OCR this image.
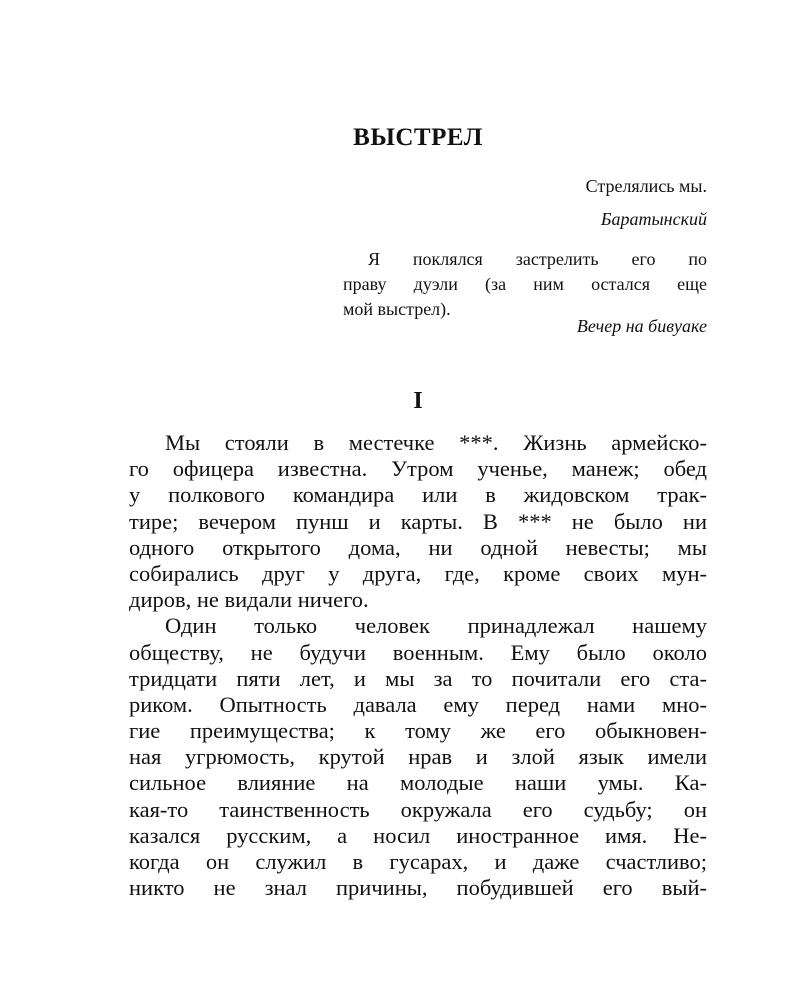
ВЫСТРЕЛ
Стрелялись мы.
Баратынский
Я поклялся застрелить его по
праву дуэли (за ним остался еще
мой выстрел).
Вечер на бивуаке
I
Мы стояли в местечке ***. Жизнь армейско-
го офицера известна. Утром ученье, манеж; обед
у полкового командира или в жидовском трак-
тире; вечером пунш и карты. В *** не было ни
одного открытого дома, ни одной невесты; мы
собирались друг у друга, где, кроме своих мун-
диров, не видали ничего.
Один только человек принадлежал нашему
обществу, не будучи военным. Ему было около
тридцати пяти лет, и мы за то почитали его ста-
риком. Опытность давала ему перед нами мно-
гие преимущества; к тому же его обыкновен-
ная угрюмость, крутой нрав и злой язык имели
сильное влияние на молодые наши умы. Ка-
кая-то таинственность окружала его судьбу; он
казался русским, а носил иностранное имя. Не-
когда он служил в гусарах, и даже счастливо;
никто не знал причины, побудившей его вый-
